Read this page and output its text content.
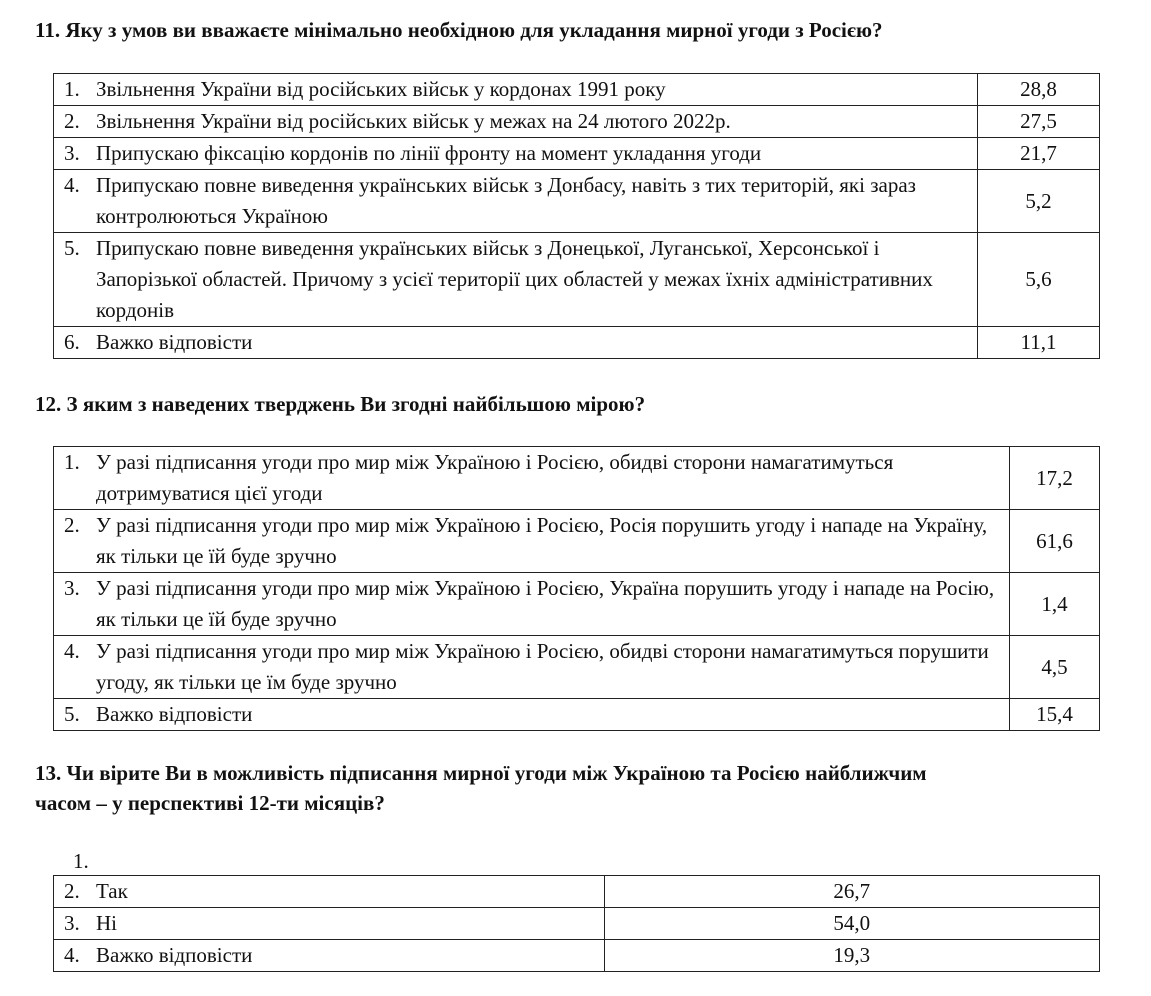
11. Яку з умов ви вважаєте мінімально необхідною для укладання мирної угоди з Росією?
1. Звільнення України від російських військ у кордонах 1991 року	28,8

2. Звільнення України від російських військ у межах на 24 лютого 2022р.	27,5

3. Припускаю фіксацію кордонів по лінії фронту на момент укладання угоди	21,7

4. Припускаю повне виведення українських військ з Донбасу, навіть з тих територій, які зараз контролюються Україною	5,2

5. Припускаю повне виведення українських військ з Донецької, Луганської, Херсонської і Запорізької областей. Причому з усієї території цих областей у межах їхніх адміністративних кордонів	5,6

6. Важко відповісти	11,1
12. З яким з наведених тверджень Ви згодні найбільшою мірою?
1. У разі підписання угоди про мир між Україною і Росією, обидві сторони намагатимуться дотримуватися цієї угоди	17,2

2. У разі підписання угоди про мир між Україною і Росією, Росія порушить угоду і нападе на Україну, як тільки це їй буде зручно	61,6

3. У разі підписання угоди про мир між Україною і Росією, Україна порушить угоду і нападе на Росію, як тільки це їй буде зручно	1,4

4. У разі підписання угоди про мир між Україною і Росією, обидві сторони намагатимуться порушити угоду, як тільки це їм буде зручно	4,5

5. Важко відповісти	15,4
13. Чи вірите Ви в можливість підписання мирної угоди між Україною та Росією найближчим
часом – у перспективі 12-ти місяців?
1.
2. Так	26,7

3. Ні	54,0

4. Важко відповісти	19,3
